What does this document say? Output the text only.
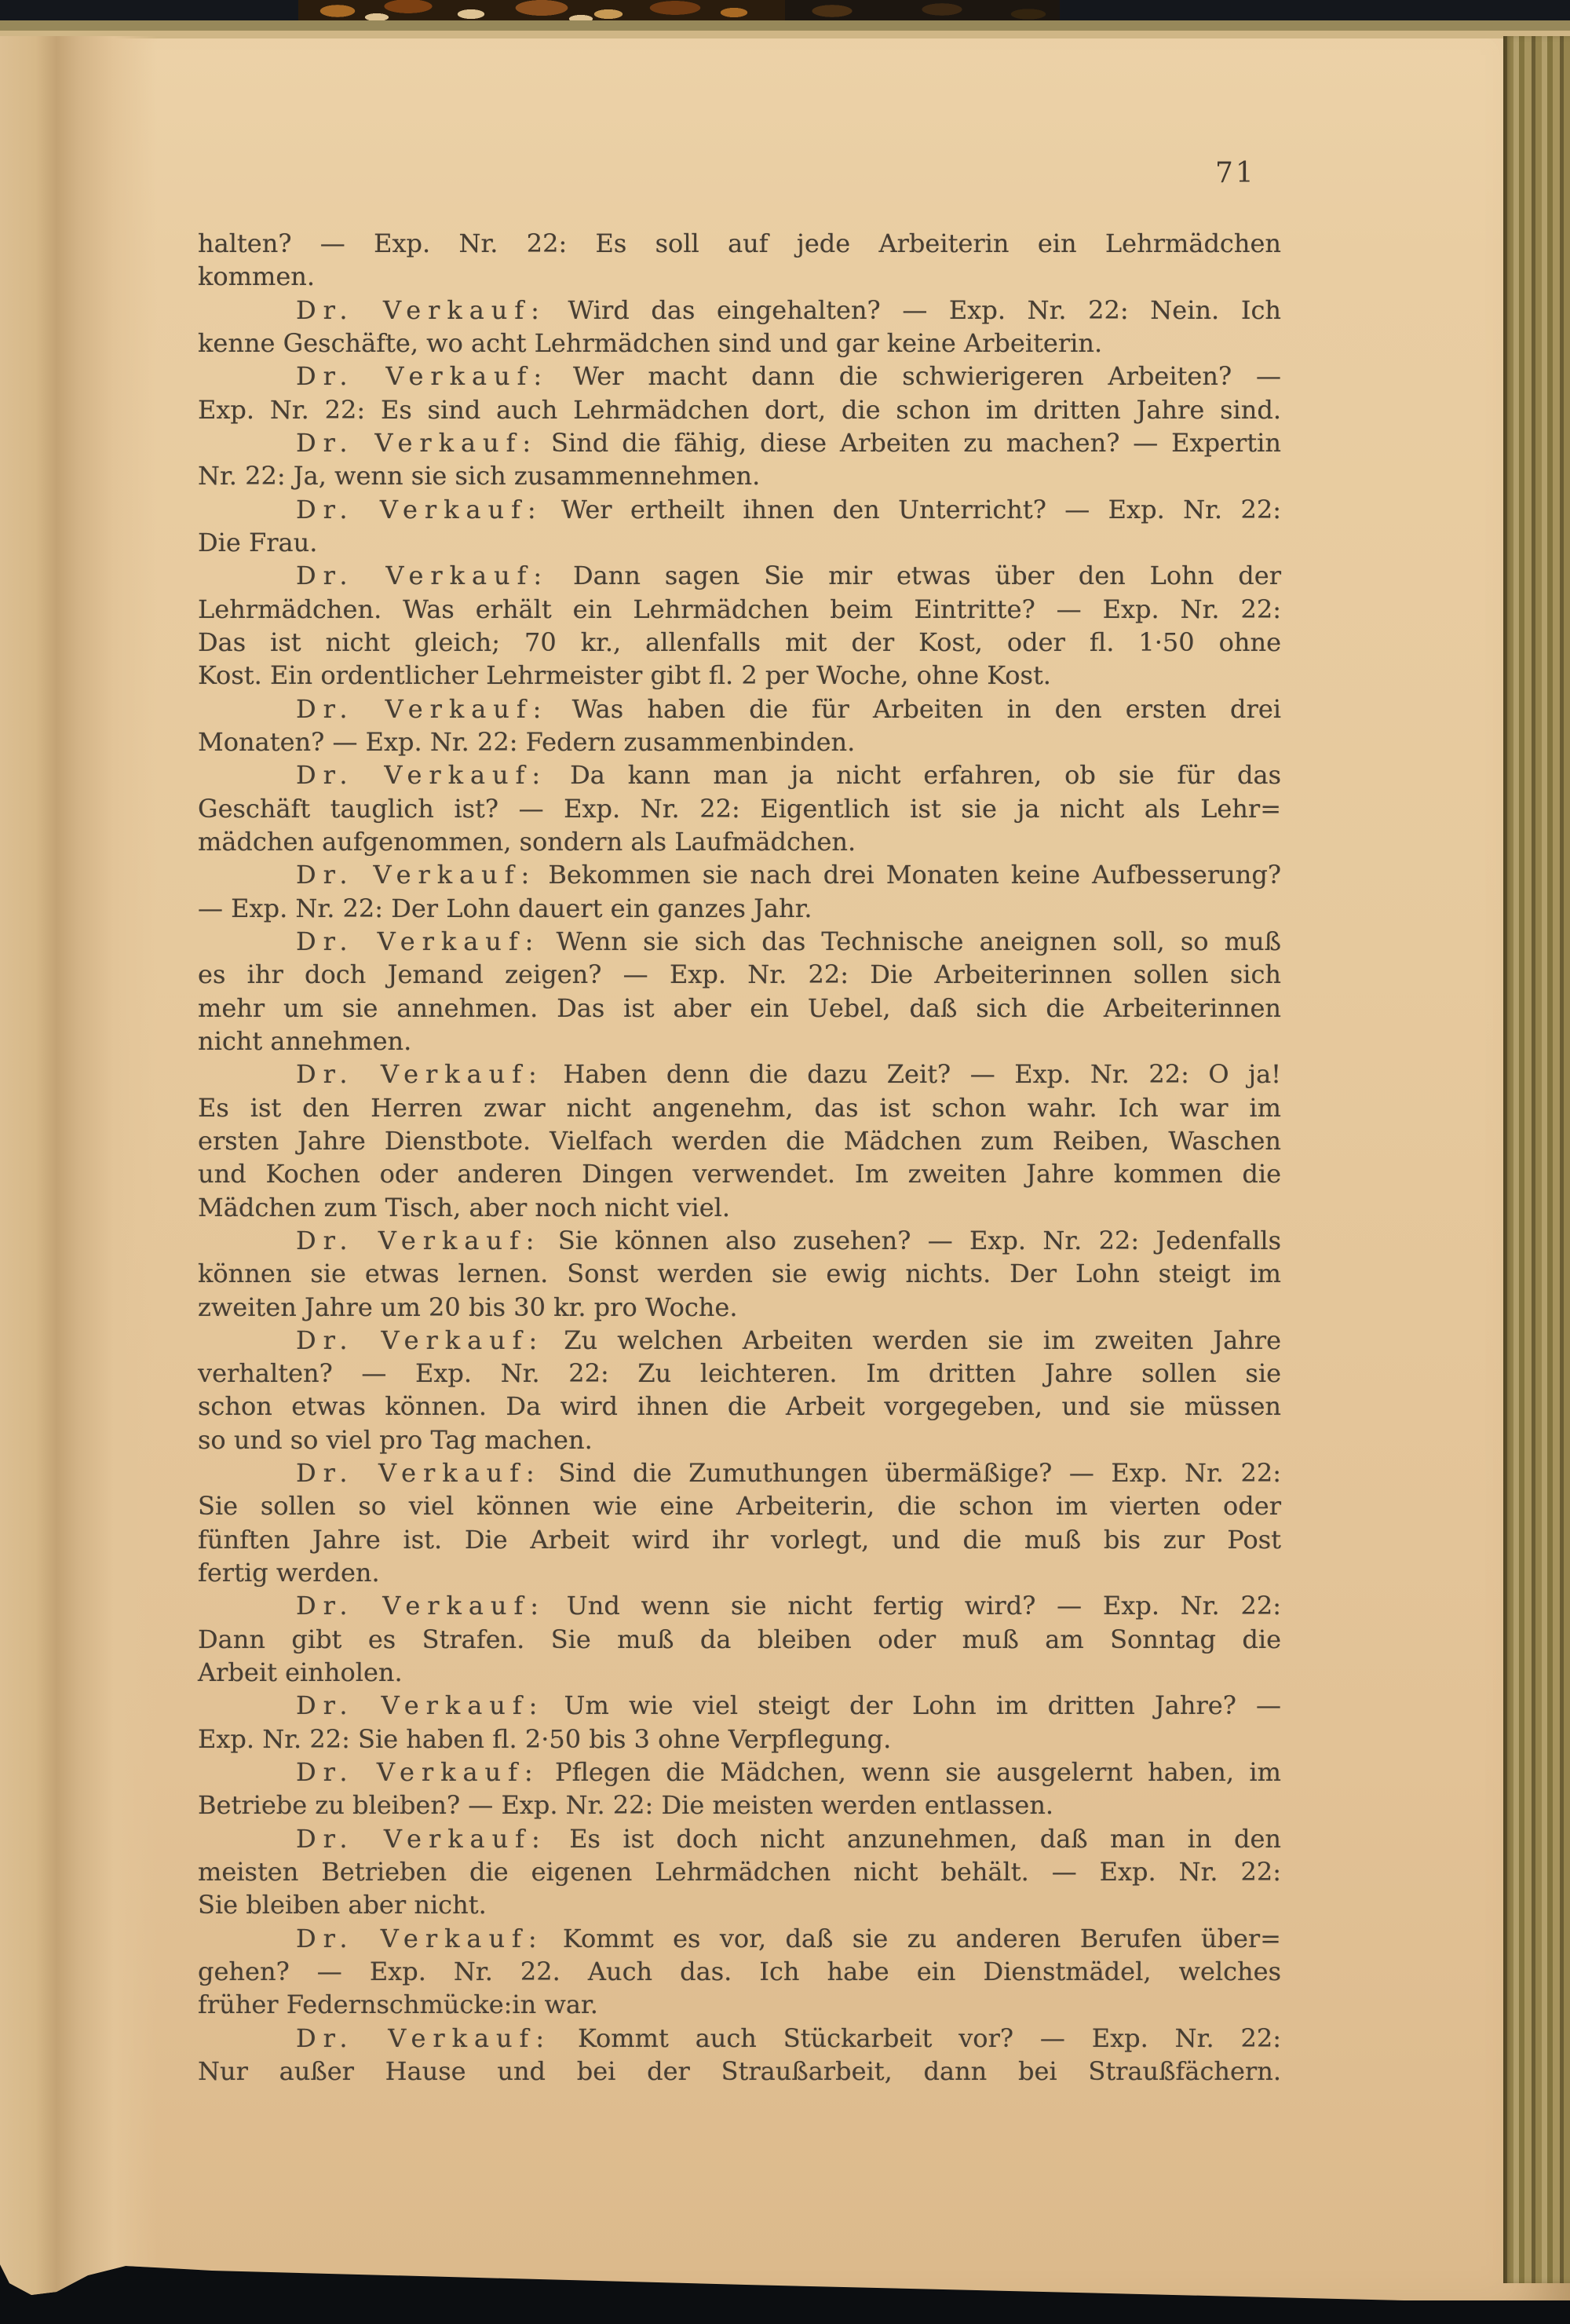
71
halten? — Exp. Nr. 22: Es soll auf jede Arbeiterin ein Lehrmädchen
kommen.
Dr. Verkauf: Wird das eingehalten? — Exp. Nr. 22: Nein. Ich
kenne Geschäfte, wo acht Lehrmädchen sind und gar keine Arbeiterin.
Dr. Verkauf: Wer macht dann die schwierigeren Arbeiten? —
Exp. Nr. 22: Es sind auch Lehrmädchen dort, die schon im dritten Jahre sind.
Dr. Verkauf: Sind die fähig, diese Arbeiten zu machen? — Expertin
Nr. 22: Ja, wenn sie sich zusammennehmen.
Dr. Verkauf: Wer ertheilt ihnen den Unterricht? — Exp. Nr. 22:
Die Frau.
Dr. Verkauf: Dann sagen Sie mir etwas über den Lohn der
Lehrmädchen. Was erhält ein Lehrmädchen beim Eintritte? — Exp. Nr. 22:
Das ist nicht gleich; 70 kr., allenfalls mit der Kost, oder fl. 1·50 ohne
Kost. Ein ordentlicher Lehrmeister gibt fl. 2 per Woche, ohne Kost.
Dr. Verkauf: Was haben die für Arbeiten in den ersten drei
Monaten? — Exp. Nr. 22: Federn zusammenbinden.
Dr. Verkauf: Da kann man ja nicht erfahren, ob sie für das
Geschäft tauglich ist? — Exp. Nr. 22: Eigentlich ist sie ja nicht als Lehr=
mädchen aufgenommen, sondern als Laufmädchen.
Dr. Verkauf: Bekommen sie nach drei Monaten keine Aufbesserung?
— Exp. Nr. 22: Der Lohn dauert ein ganzes Jahr.
Dr. Verkauf: Wenn sie sich das Technische aneignen soll, so muß
es ihr doch Jemand zeigen? — Exp. Nr. 22: Die Arbeiterinnen sollen sich
mehr um sie annehmen. Das ist aber ein Uebel, daß sich die Arbeiterinnen
nicht annehmen.
Dr. Verkauf: Haben denn die dazu Zeit? — Exp. Nr. 22: O ja!
Es ist den Herren zwar nicht angenehm, das ist schon wahr. Ich war im
ersten Jahre Dienstbote. Vielfach werden die Mädchen zum Reiben, Waschen
und Kochen oder anderen Dingen verwendet. Im zweiten Jahre kommen die
Mädchen zum Tisch, aber noch nicht viel.
Dr. Verkauf: Sie können also zusehen? — Exp. Nr. 22: Jedenfalls
können sie etwas lernen. Sonst werden sie ewig nichts. Der Lohn steigt im
zweiten Jahre um 20 bis 30 kr. pro Woche.
Dr. Verkauf: Zu welchen Arbeiten werden sie im zweiten Jahre
verhalten? — Exp. Nr. 22: Zu leichteren. Im dritten Jahre sollen sie
schon etwas können. Da wird ihnen die Arbeit vorgegeben, und sie müssen
so und so viel pro Tag machen.
Dr. Verkauf: Sind die Zumuthungen übermäßige? — Exp. Nr. 22:
Sie sollen so viel können wie eine Arbeiterin, die schon im vierten oder
fünften Jahre ist. Die Arbeit wird ihr vorlegt, und die muß bis zur Post
fertig werden.
Dr. Verkauf: Und wenn sie nicht fertig wird? — Exp. Nr. 22:
Dann gibt es Strafen. Sie muß da bleiben oder muß am Sonntag die
Arbeit einholen.
Dr. Verkauf: Um wie viel steigt der Lohn im dritten Jahre? —
Exp. Nr. 22: Sie haben fl. 2·50 bis 3 ohne Verpflegung.
Dr. Verkauf: Pflegen die Mädchen, wenn sie ausgelernt haben, im
Betriebe zu bleiben? — Exp. Nr. 22: Die meisten werden entlassen.
Dr. Verkauf: Es ist doch nicht anzunehmen, daß man in den
meisten Betrieben die eigenen Lehrmädchen nicht behält. — Exp. Nr. 22:
Sie bleiben aber nicht.
Dr. Verkauf: Kommt es vor, daß sie zu anderen Berufen über=
gehen? — Exp. Nr. 22. Auch das. Ich habe ein Dienstmädel, welches
früher Federnschmücke:in war.
Dr. Verkauf: Kommt auch Stückarbeit vor? — Exp. Nr. 22:
Nur außer Hause und bei der Straußarbeit, dann bei Straußfächern.
